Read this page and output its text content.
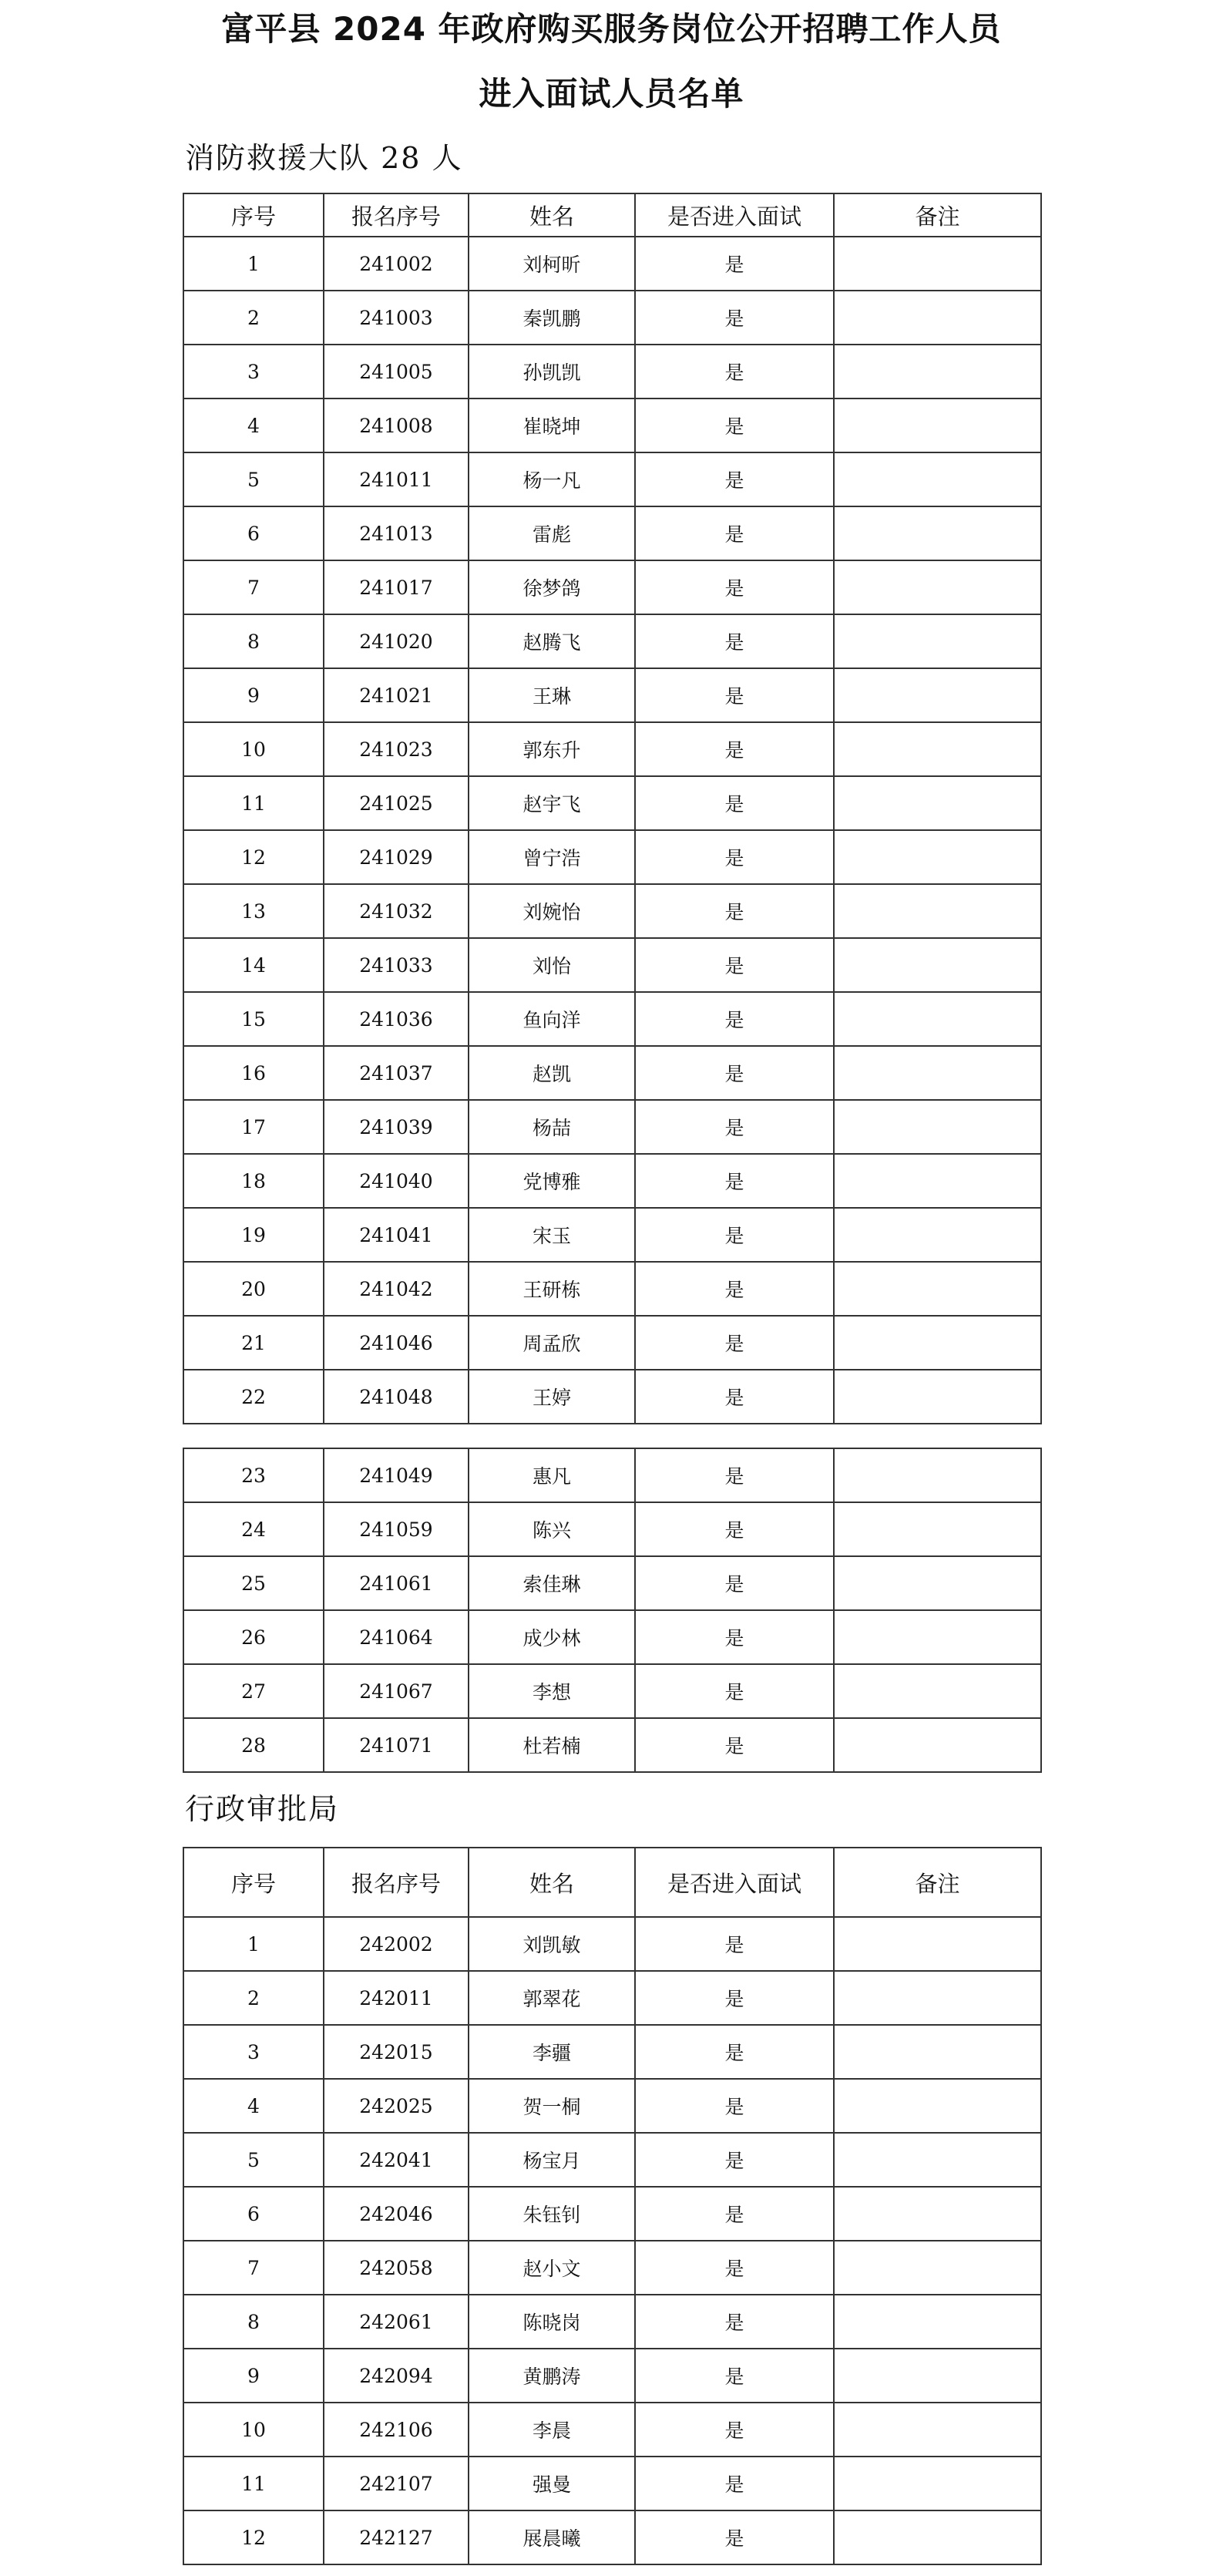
富平县 2024 年政府购买服务岗位公开招聘工作人员
进入面试人员名单
消防救援大队 28 人
序号	报名序号	姓名	是否进入面试	备注
1	241002	刘柯昕	是	
2	241003	秦凯鹏	是	
3	241005	孙凯凯	是	
4	241008	崔晓坤	是	
5	241011	杨一凡	是	
6	241013	雷彪	是	
7	241017	徐梦鸽	是	
8	241020	赵腾飞	是	
9	241021	王琳	是	
10	241023	郭东升	是	
11	241025	赵宇飞	是	
12	241029	曾宁浩	是	
13	241032	刘婉怡	是	
14	241033	刘怡	是	
15	241036	鱼向洋	是	
16	241037	赵凯	是	
17	241039	杨喆	是	
18	241040	党博雅	是	
19	241041	宋玉	是	
20	241042	王研栋	是	
21	241046	周孟欣	是	
22	241048	王婷	是	
23	241049	惠凡	是	
24	241059	陈兴	是	
25	241061	索佳琳	是	
26	241064	成少林	是	
27	241067	李想	是	
28	241071	杜若楠	是	
行政审批局
序号	报名序号	姓名	是否进入面试	备注
1	242002	刘凯敏	是	
2	242011	郭翠花	是	
3	242015	李疆	是	
4	242025	贺一桐	是	
5	242041	杨宝月	是	
6	242046	朱钰钊	是	
7	242058	赵小文	是	
8	242061	陈晓岗	是	
9	242094	黄鹏涛	是	
10	242106	李晨	是	
11	242107	强曼	是	
12	242127	展晨曦	是	
